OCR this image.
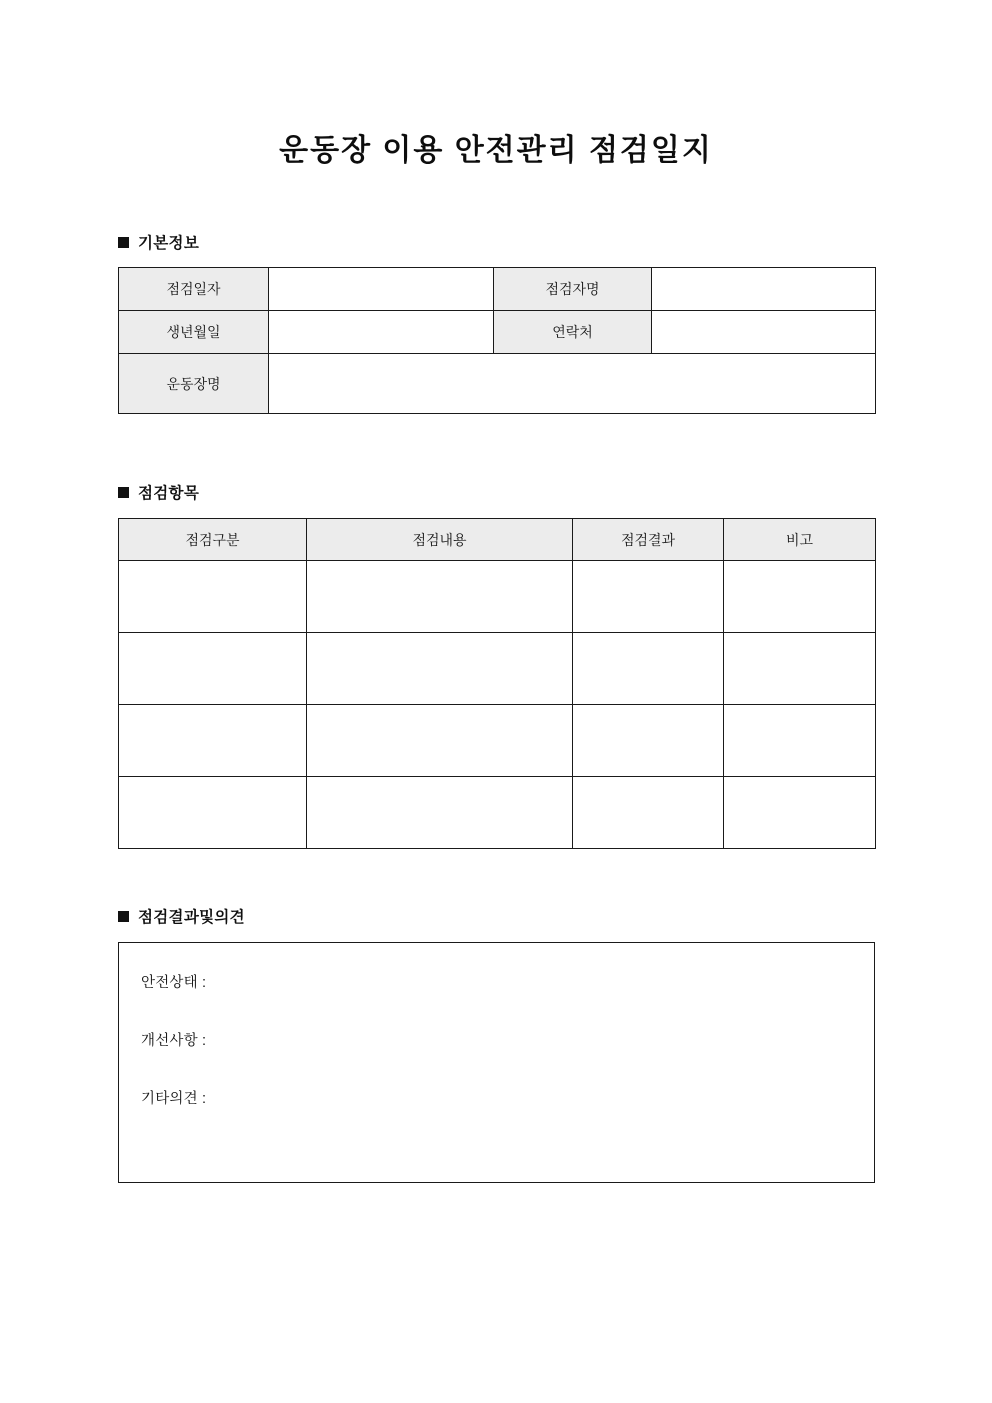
운동장 이용 안전관리 점검일지
기본정보
점검일자		점검자명	
생년월일		연락처	
운동장명			
점검항목
점검구분	점검내용	점검결과	비고

점검결과및의견

안전상태 :

개선사항 :

기타의견 :
